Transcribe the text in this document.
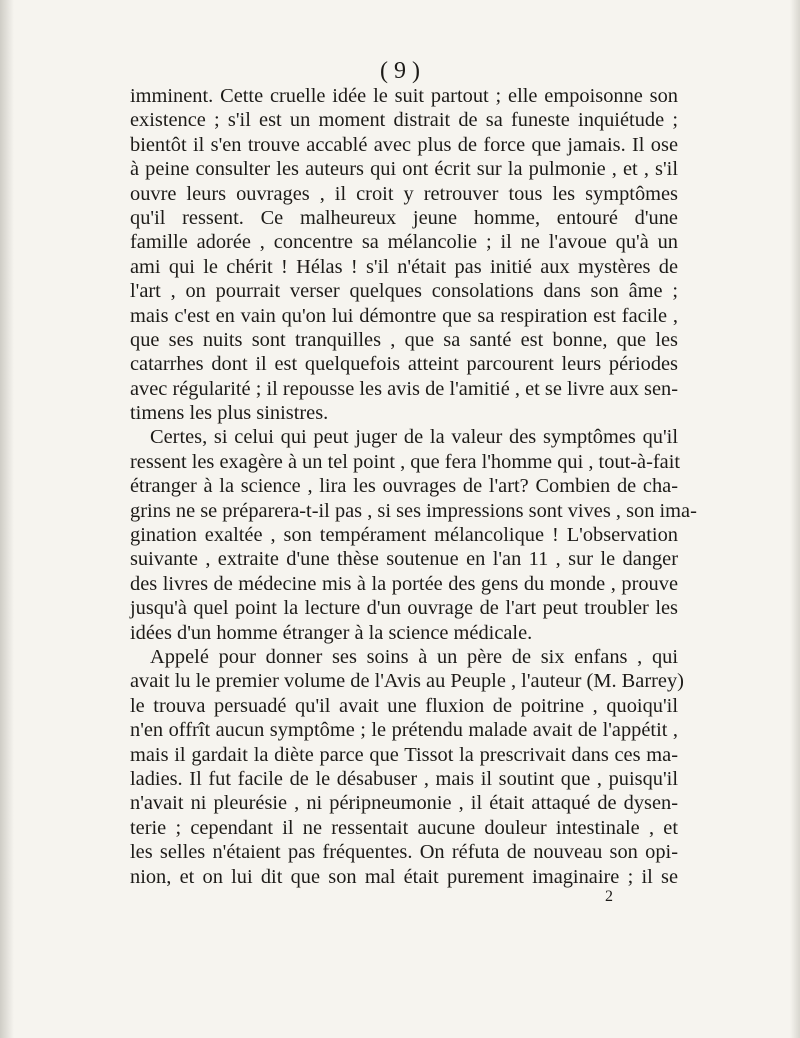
( 9 )
imminent. Cette cruelle idée le suit partout ; elle empoisonne son
existence ; s'il est un moment distrait de sa funeste inquiétude ;
bientôt il s'en trouve accablé avec plus de force que jamais. Il ose
à peine consulter les auteurs qui ont écrit sur la pulmonie , et , s'il
ouvre leurs ouvrages , il croit y retrouver tous les symptômes
qu'il ressent. Ce malheureux jeune homme, entouré d'une
famille adorée , concentre sa mélancolie ; il ne l'avoue qu'à un
ami qui le chérit ! Hélas ! s'il n'était pas initié aux mystères de
l'art , on pourrait verser quelques consolations dans son âme ;
mais c'est en vain qu'on lui démontre que sa respiration est facile ,
que ses nuits sont tranquilles , que sa santé est bonne, que les
catarrhes dont il est quelquefois atteint parcourent leurs périodes
avec régularité ; il repousse les avis de l'amitié , et se livre aux sen-
timens les plus sinistres.
Certes, si celui qui peut juger de la valeur des symptômes qu'il
ressent les exagère à un tel point , que fera l'homme qui , tout-à-fait
étranger à la science , lira les ouvrages de l'art? Combien de cha-
grins ne se préparera-t-il pas , si ses impressions sont vives , son ima-
gination exaltée , son tempérament mélancolique ! L'observation
suivante , extraite d'une thèse soutenue en l'an 11 , sur le danger
des livres de médecine mis à la portée des gens du monde , prouve
jusqu'à quel point la lecture d'un ouvrage de l'art peut troubler les
idées d'un homme étranger à la science médicale.
Appelé pour donner ses soins à un père de six enfans , qui
avait lu le premier volume de l'Avis au Peuple , l'auteur (M. Barrey)
le trouva persuadé qu'il avait une fluxion de poitrine , quoiqu'il
n'en offrît aucun symptôme ; le prétendu malade avait de l'appétit ,
mais il gardait la diète parce que Tissot la prescrivait dans ces ma-
ladies. Il fut facile de le désabuser , mais il soutint que , puisqu'il
n'avait ni pleurésie , ni péripneumonie , il était attaqué de dysen-
terie ; cependant il ne ressentait aucune douleur intestinale , et
les selles n'étaient pas fréquentes. On réfuta de nouveau son opi-
nion, et on lui dit que son mal était purement imaginaire ; il se
2
